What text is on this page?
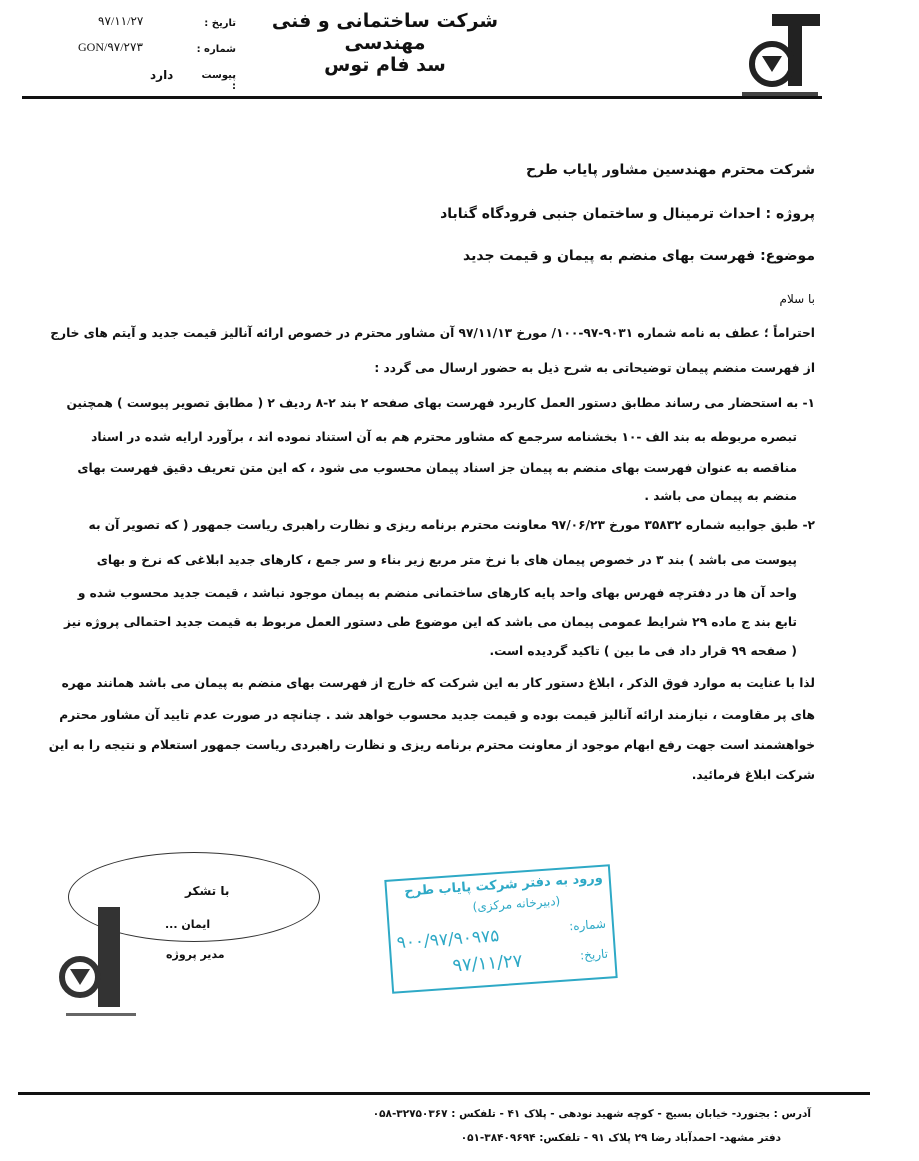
شرکت ساختمانی و فنی مهندسی
سد فام توس
تاریخ :
۹۷/۱۱/۲۷
شماره :
GON/۹۷/۲۷۳
پیوست :
دارد
شرکت محترم مهندسین مشاور پایاب طرح
پروژه : احداث ترمینال و ساختمان جنبی فرودگاه گناباد
موضوع: فهرست بهای منضم به پیمان و قیمت جدید
با سلام
احتراماً ؛ عطف به نامه شماره ۹۰۳۱-۹۷-۱۰۰/ مورخ ۹۷/۱۱/۱۳ آن مشاور محترم در خصوص ارائه آنالیز قیمت جدید و آیتم های خارج
از فهرست منضم پیمان توضیحاتی به شرح ذیل به حضور ارسال می گردد :
۱- به استحضار می رساند مطابق دستور العمل کاربرد فهرست بهای صفحه ۲ بند ۲-۸ ردیف ۲ ( مطابق تصویر پیوست ) همچنین
تبصره مربوطه به بند الف -۱۰ بخشنامه سرجمع که مشاور محترم هم به آن استناد نموده اند ، برآورد ارایه شده در اسناد
مناقصه به عنوان فهرست بهای منضم به پیمان جز اسناد پیمان محسوب می شود ، که این متن تعریف دقیق فهرست بهای
منضم به پیمان می باشد .
۲- طبق جوابیه شماره ۳۵۸۳۲ مورخ ۹۷/۰۶/۲۳ معاونت محترم برنامه ریزی و نظارت راهبری ریاست جمهور ( که تصویر آن به
پیوست می باشد ) بند ۳ در خصوص پیمان های با نرخ متر مربع زیر بناء و سر جمع ، کارهای جدید ابلاغی که نرخ و بهای
واحد آن ها در دفترچه فهرس بهای واحد پایه کارهای ساختمانی منضم به پیمان موجود نباشد ، قیمت جدید محسوب شده و
تابع بند ج ماده ۲۹ شرایط عمومی پیمان می باشد که این موضوع طی دستور العمل مربوط به قیمت جدید احتمالی پروژه نیز
( صفحه ۹۹ قرار داد فی ما بین ) تاکید گردیده است.
لذا با عنایت به موارد فوق الذکر ، ابلاغ دستور کار به این شرکت که خارج از فهرست بهای منضم به پیمان می باشد همانند مهره
های پر مقاومت ، نیازمند ارائه آنالیز قیمت بوده و قیمت جدید محسوب خواهد شد . چنانچه در صورت عدم تایید آن مشاور محترم
خواهشمند است جهت رفع ابهام موجود از معاونت محترم برنامه ریزی و نظارت راهبردی ریاست جمهور استعلام و نتیجه را به این
شرکت ابلاغ فرمائید.
با تشکر
ایمان ...
مدیر پروژه
ورود به دفتر شرکت پایاب طرح
(دبیرخانه مرکزی)
شماره:
۹۰۰/۹۷/۹۰۹۷۵
تاریخ:
۹۷/۱۱/۲۷
آدرس : بجنورد- خیابان بسیج - کوچه شهید نودهی - پلاک ۴۱ - تلفکس : ۳۲۷۵۰۳۶۷-۰۵۸
دفتر مشهد- احمدآباد رضا ۲۹ پلاک ۹۱ - تلفکس: ۳۸۴۰۹۶۹۴-۰۵۱
